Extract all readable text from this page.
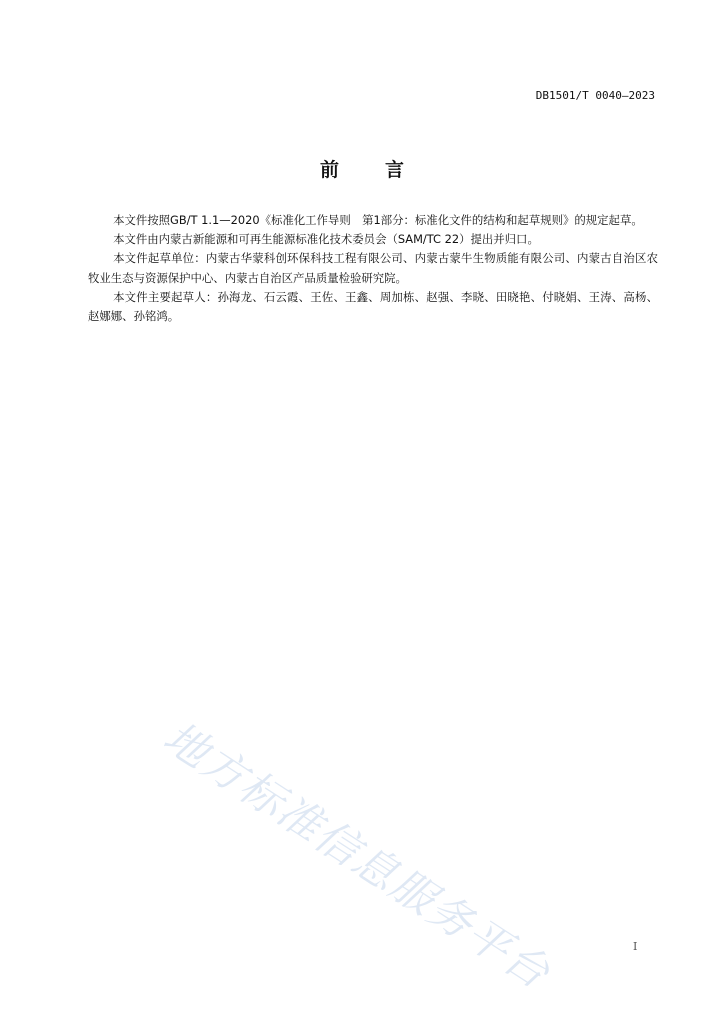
DB1501/T 0040—2023
前 言

本文件按照GB/T 1.1—2020《标准化工作导则　第1部分：标准化文件的结构和起草规则》的规定起草。

本文件由内蒙古新能源和可再生能源标准化技术委员会（SAM/TC 22）提出并归口。

本文件起草单位：内蒙古华蒙科创环保科技工程有限公司、内蒙古蒙牛生物质能有限公司、内蒙古自治区农牧业生态与资源保护中心、内蒙古自治区产品质量检验研究院。

本文件主要起草人：孙海龙、石云霞、王佐、王鑫、周加栋、赵强、李晓、田晓艳、付晓娟、王涛、高杨、赵娜娜、孙铭鸿。

地方标准信息服务平台	I
